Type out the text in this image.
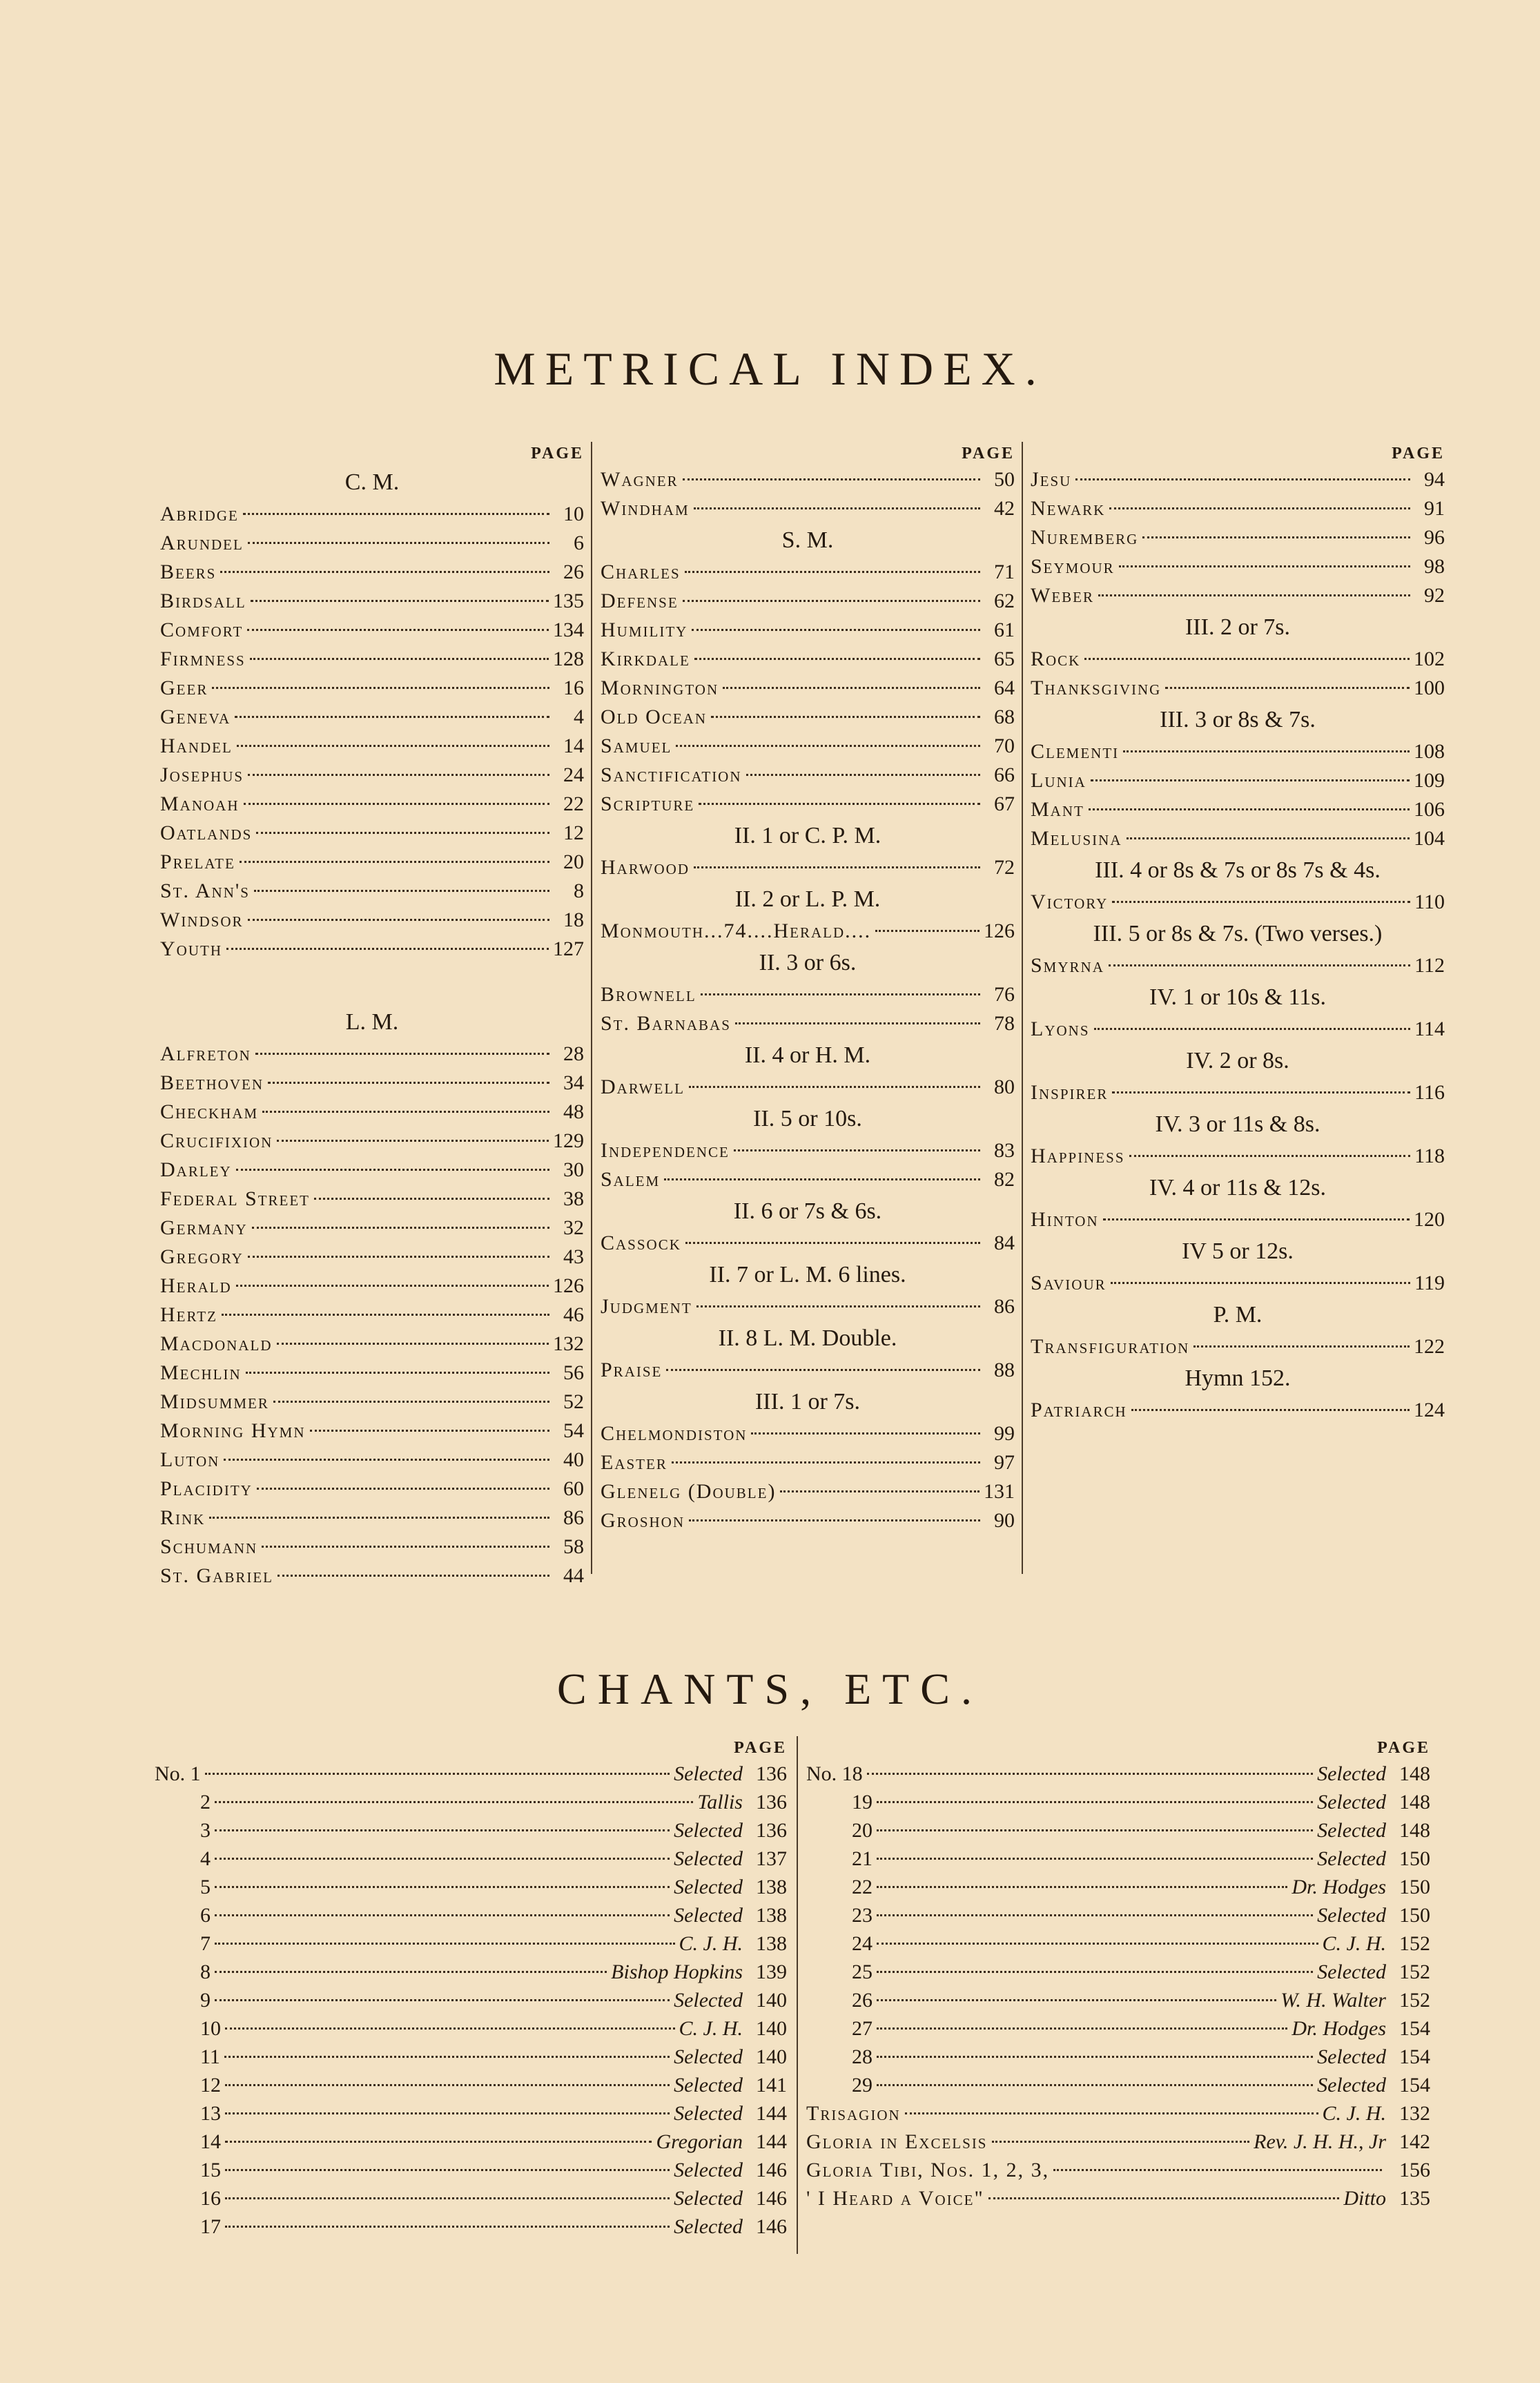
METRICAL INDEX.
PAGE
C. M.
Abridge	10
Arundel	6
Beers	26
Birdsall	135
Comfort	134
Firmness	128
Geer	16
Geneva	4
Handel	14
Josephus	24
Manoah	22
Oatlands	12
Prelate	20
St. Ann's	8
Windsor	18
Youth	127
L. M.
Alfreton	28
Beethoven	34
Checkham	48
Crucifixion	129
Darley	30
Federal Street	38
Germany	32
Gregory	43
Herald	126
Hertz	46
Macdonald	132
Mechlin	56
Midsummer	52
Morning Hymn	54
Luton	40
Placidity	60
Rink	86
Schumann	58
St. Gabriel	44
PAGE
Wagner	50
Windham	42
S. M.
Charles	71
Defense	62
Humility	61
Kirkdale	65
Mornington	64
Old Ocean	68
Samuel	70
Sanctification	66
Scripture	67
II. 1 or C. P. M.
Harwood	72
II. 2 or L. P. M.
Monmouth...74....Herald....	126
II. 3 or 6s.
Brownell	76
St. Barnabas	78
II. 4 or H. M.
Darwell	80
II. 5 or 10s.
Independence	83
Salem	82
II. 6 or 7s & 6s.
Cassock	84
II. 7 or L. M. 6 lines.
Judgment	86
II. 8 L. M. Double.
Praise	88
III. 1 or 7s.
Chelmondiston	99
Easter	97
Glenelg (Double)	131
Groshon	90
PAGE
Jesu	94
Newark	91
Nuremberg	96
Seymour	98
Weber	92
III. 2 or 7s.
Rock	102
Thanksgiving	100
III. 3 or 8s & 7s.
Clementi	108
Lunia	109
Mant	106
Melusina	104
III. 4 or 8s & 7s or 8s 7s & 4s.
Victory	110
III. 5 or 8s & 7s. (Two verses.)
Smyrna	112
IV. 1 or 10s & 11s.
Lyons	114
IV. 2 or 8s.
Inspirer	116
IV. 3 or 11s & 8s.
Happiness	118
IV. 4 or 11s & 12s.
Hinton	120
IV 5 or 12s.
Saviour	119
P. M.
Transfiguration	122
Hymn 152.
Patriarch	124
CHANTS, ETC.
PAGE
No. 1	Selected 136
2	Tallis 136
3	Selected 136
4	Selected 137
5	Selected 138
6	Selected 138
7	C. J. H. 138
8	Bishop Hopkins 139
9	Selected 140
10	C. J. H. 140
11	Selected 140
12	Selected 141
13	Selected 144
14	Gregorian 144
15	Selected 146
16	Selected 146
17	Selected 146
PAGE
No. 18	Selected 148
19	Selected 148
20	Selected 148
21	Selected 150
22	Dr. Hodges 150
23	Selected 150
24	C. J. H. 152
25	Selected 152
26	W. H. Walter 152
27	Dr. Hodges 154
28	Selected 154
29	Selected 154
Trisagion	C. J. H. 132
Gloria in Excelsis	Rev. J. H. H., Jr 142
Gloria Tibi, Nos. 1, 2, 3,	156
' I Heard a Voice"	Ditto 135
